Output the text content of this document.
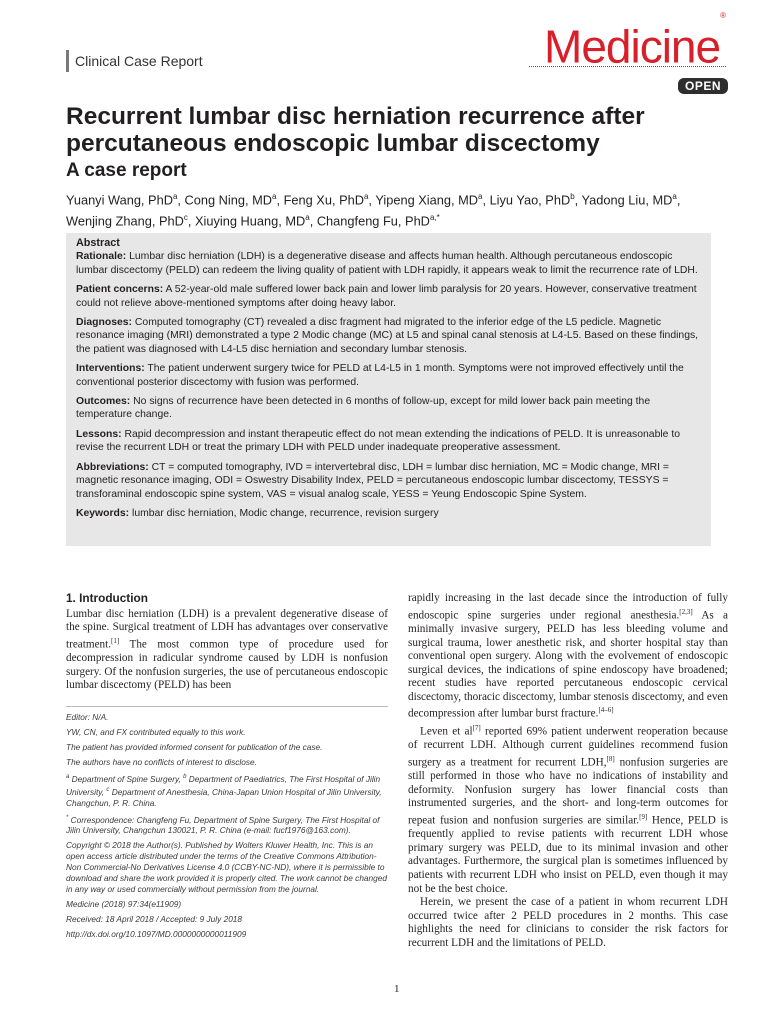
Clinical Case Report	Medicine®
OPEN
Recurrent lumbar disc herniation recurrence after percutaneous endoscopic lumbar discectomy
A case report
Yuanyi Wang, PhD$^a$, Cong Ning, $MD^a$, Feng Xu, PhD$^a$, Yipeng Xiang, $MD^a$, Liyu Yao, PhD$^b$, Yadong Liu, $MD^a$, Wenjing Zhang, PhD$^c$, Xiuying Huang, $MD^a$, Changfeng Fu, PhD$^{a,*}$

Abstract

Rationale: Lumbar disc herniation (LDH) is a degenerative disease and affects human health. Although percutaneous endoscopic lumbar discectomy (PELD) can redeem the living quality of patient with LDH rapidly, it appears weak to limit the recurrence rate of LDH.

Patient concerns: A 52-year-old male suffered lower back pain and lower limb paralysis for 20 years. However, conservative treatment could not relieve above-mentioned symptoms after doing heavy labor.

Diagnoses: Computed tomography (CT) revealed a disc fragment had migrated to the inferior edge of the L5 pedicle. Magnetic resonance imaging (MRI) demonstrated a type 2 Modic change (MC) at L5 and spinal canal stenosis at L4-L5. Based on these findings, the patient was diagnosed with L4-L5 disc herniation and secondary lumbar stenosis.

Interventions: The patient underwent surgery twice for PELD at L4-L5 in 1 month. Symptoms were not improved effectively until the conventional posterior discectomy with fusion was performed.

Outcomes: No signs of recurrence have been detected in 6 months of follow-up, except for mild lower back pain meeting the temperature change.

Lessons: Rapid decompression and instant therapeutic effect do not mean extending the indications of PELD. It is unreasonable to revise the recurrent LDH or treat the primary LDH with PELD under inadequate preoperative assessment.

Abbreviations: CT = computed tomography, IVD = intervertebral disc, LDH = lumbar disc herniation, MC = Modic change, MRI = magnetic resonance imaging, ODI = Oswestry Disability Index, PELD = percutaneous endoscopic lumbar discectomy, TESSYS = transforaminal endoscopic spine system, VAS = visual analog scale, YESS = Yeung Endoscopic Spine System.

Keywords: lumbar disc herniation, Modic change, recurrence, revision surgery

1. Introduction

Lumbar disc herniation (LDH) is a prevalent degenerative disease of the spine. Surgical treatment of LDH has advantages over conservative treatment.[1] The most common type of procedure used for decompression in radicular syndrome caused by LDH is nonfusion surgery. Of the nonfusion surgeries, the use of percutaneous endoscopic lumbar discectomy (PELD) has been

Editor: N/A.

YW, CN, and FX contributed equally to this work.

The patient has provided informed consent for publication of the case.

The authors have no conflicts of interest to disclose.

$^a$ Department of Spine Surgery, $^b$ Department of Paediatrics, The First Hospital of Jilin University, $^c$ Department of Anesthesia, China-Japan Union Hospital of Jilin University, Changchun, P. R. China.

* Correspondence: Changfeng Fu, Department of Spine Surgery, The First Hospital of Jilin University, Changchun 130021, P. R. China (e-mail: fucf1976@163.com).

Copyright © 2018 the Author(s). Published by Wolters Kluwer Health, Inc. This is an open access article distributed under the terms of the Creative Commons Attribution-Non Commercial-No Derivatives License 4.0 (CCBY-NC-ND), where it is permissible to download and share the work provided it is properly cited. The work cannot be changed in any way or used commercially without permission from the journal.

Medicine (2018) 97:34(e11909)

Received: 18 April 2018 / Accepted: 9 July 2018

http://dx.doi.org/10.1097/MD.0000000000011909

rapidly increasing in the last decade since the introduction of fully endoscopic spine surgeries under regional anesthesia.[2,3] As a minimally invasive surgery, PELD has less bleeding volume and surgical trauma, lower anesthetic risk, and shorter hospital stay than conventional open surgery. Along with the evolvement of endoscopic surgical devices, the indications of spine endoscopy have broadened; recent studies have reported percutaneous endoscopic cervical discectomy, thoracic discectomy, lumbar stenosis discectomy, and even decompression after lumbar burst fracture.[4–6]

Leven et al[7] reported 69% patient underwent reoperation because of recurrent LDH. Although current guidelines recommend fusion surgery as a treatment for recurrent LDH,[8] nonfusion surgeries are still performed in those who have no indications of instability and deformity. Nonfusion surgery has lower financial costs than instrumented surgeries, and the short- and long-term outcomes for repeat fusion and nonfusion surgeries are similar.[9] Hence, PELD is frequently applied to revise patients with recurrent LDH whose primary surgery was PELD, due to its minimal invasion and other advantages. Furthermore, the surgical plan is sometimes influenced by patients with recurrent LDH who insist on PELD, even though it may not be the best choice.

Herein, we present the case of a patient in whom recurrent LDH occurred twice after 2 PELD procedures in 2 months. This case highlights the need for clinicians to consider the risk factors for recurrent LDH and the limitations of PELD.

1
